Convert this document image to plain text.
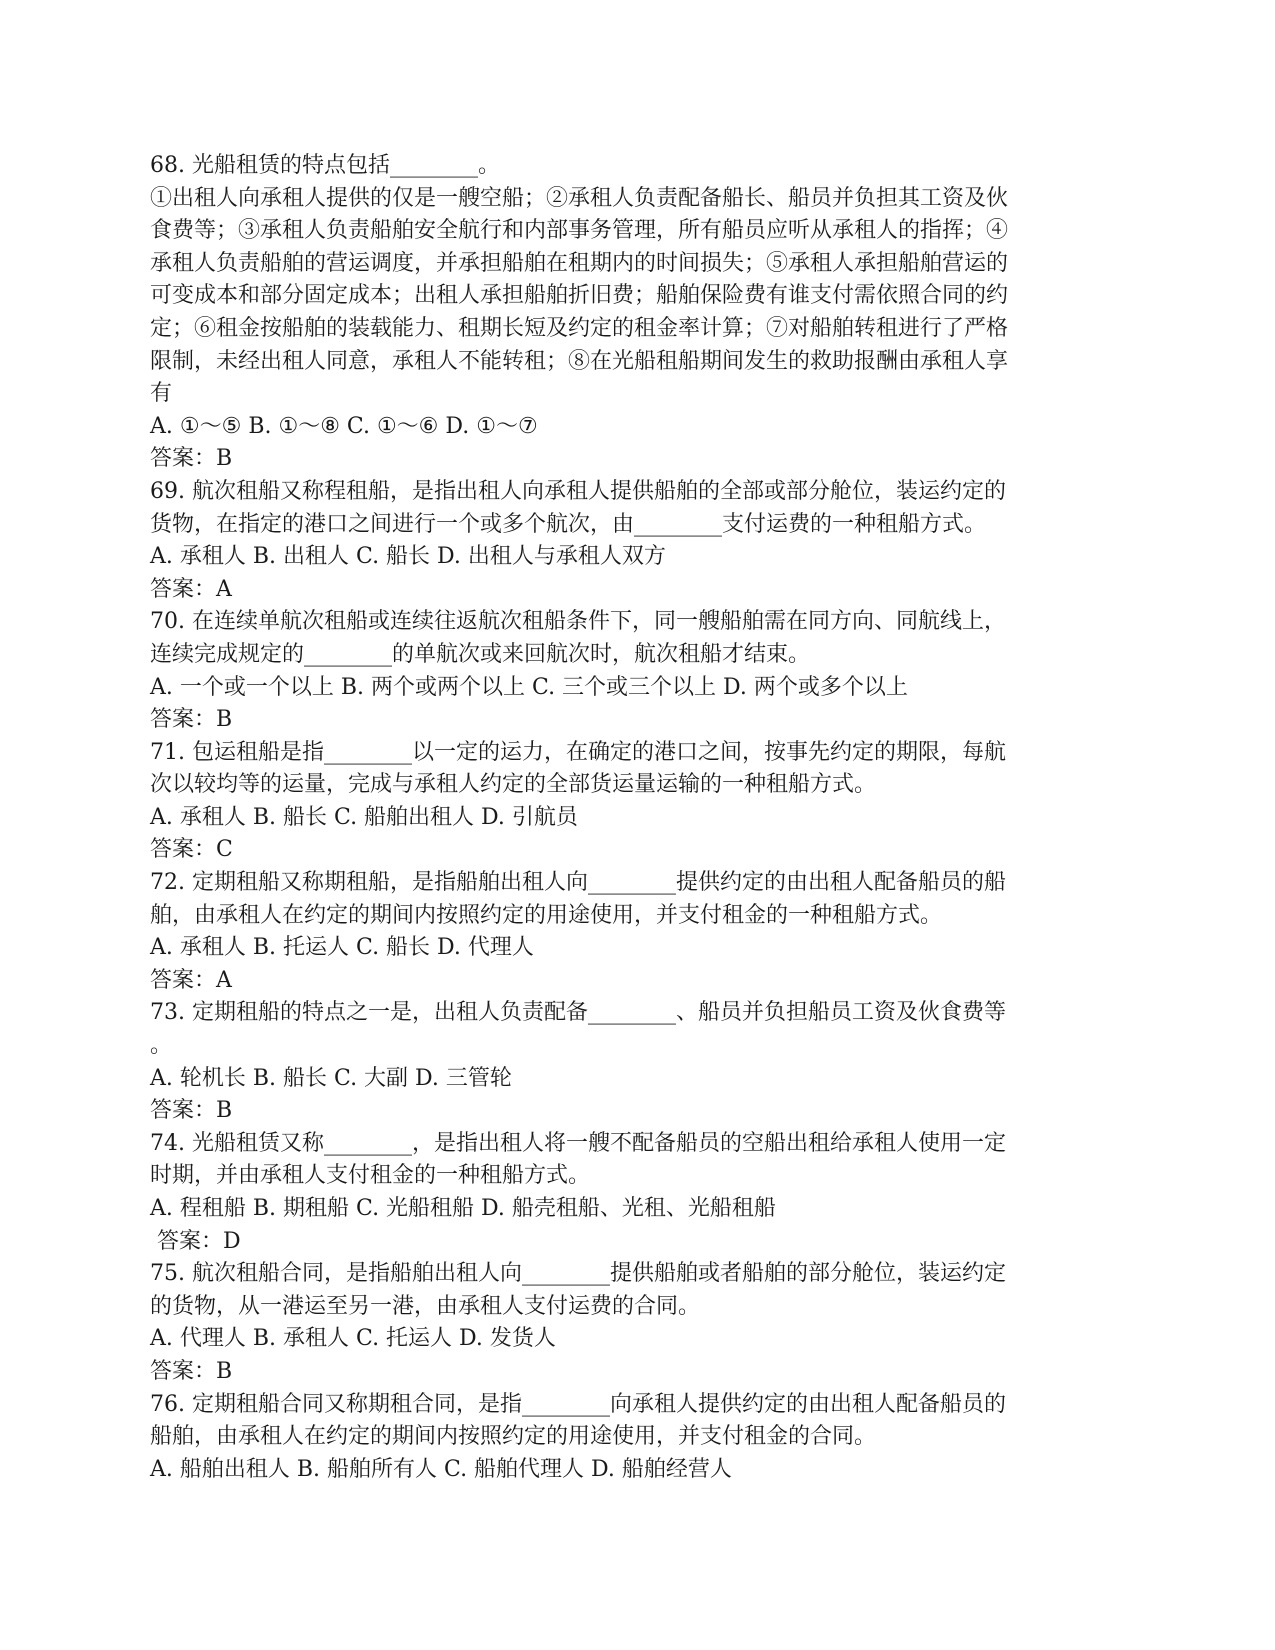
68. 光船租赁的特点包括________。
①出租人向承租人提供的仅是一艘空船；②承租人负责配备船长、船员并负担其工资及伙
食费等；③承租人负责船舶安全航行和内部事务管理，所有船员应听从承租人的指挥；④
承租人负责船舶的营运调度，并承担船舶在租期内的时间损失；⑤承租人承担船舶营运的
可变成本和部分固定成本；出租人承担船舶折旧费；船舶保险费有谁支付需依照合同的约
定；⑥租金按船舶的装载能力、租期长短及约定的租金率计算；⑦对船舶转租进行了严格
限制，未经出租人同意，承租人不能转租；⑧在光船租船期间发生的救助报酬由承租人享
有
A. ①～⑤ B. ①～⑧ C. ①～⑥ D. ①～⑦
答案：B
69. 航次租船又称程租船，是指出租人向承租人提供船舶的全部或部分舱位，装运约定的
货物，在指定的港口之间进行一个或多个航次，由________支付运费的一种租船方式。
A. 承租人 B. 出租人 C. 船长 D. 出租人与承租人双方
答案：A
70. 在连续单航次租船或连续往返航次租船条件下，同一艘船舶需在同方向、同航线上，
连续完成规定的________的单航次或来回航次时，航次租船才结束。
A. 一个或一个以上 B. 两个或两个以上 C. 三个或三个以上 D. 两个或多个以上
答案：B
71. 包运租船是指________以一定的运力，在确定的港口之间，按事先约定的期限，每航
次以较均等的运量，完成与承租人约定的全部货运量运输的一种租船方式。
A. 承租人 B. 船长 C. 船舶出租人 D. 引航员
答案：C
72. 定期租船又称期租船，是指船舶出租人向________提供约定的由出租人配备船员的船
舶，由承租人在约定的期间内按照约定的用途使用，并支付租金的一种租船方式。
A. 承租人 B. 托运人 C. 船长 D. 代理人
答案：A
73. 定期租船的特点之一是，出租人负责配备________、船员并负担船员工资及伙食费等
。
A. 轮机长 B. 船长 C. 大副 D. 三管轮
答案：B
74. 光船租赁又称________，是指出租人将一艘不配备船员的空船出租给承租人使用一定
时期，并由承租人支付租金的一种租船方式。
A. 程租船 B. 期租船 C. 光船租船 D. 船壳租船、光租、光船租船
答案：D
75. 航次租船合同，是指船舶出租人向________提供船舶或者船舶的部分舱位，装运约定
的货物，从一港运至另一港，由承租人支付运费的合同。
A. 代理人 B. 承租人 C. 托运人 D. 发货人
答案：B
76. 定期租船合同又称期租合同，是指________向承租人提供约定的由出租人配备船员的
船舶，由承租人在约定的期间内按照约定的用途使用，并支付租金的合同。
A. 船舶出租人 B. 船舶所有人 C. 船舶代理人 D. 船舶经营人
